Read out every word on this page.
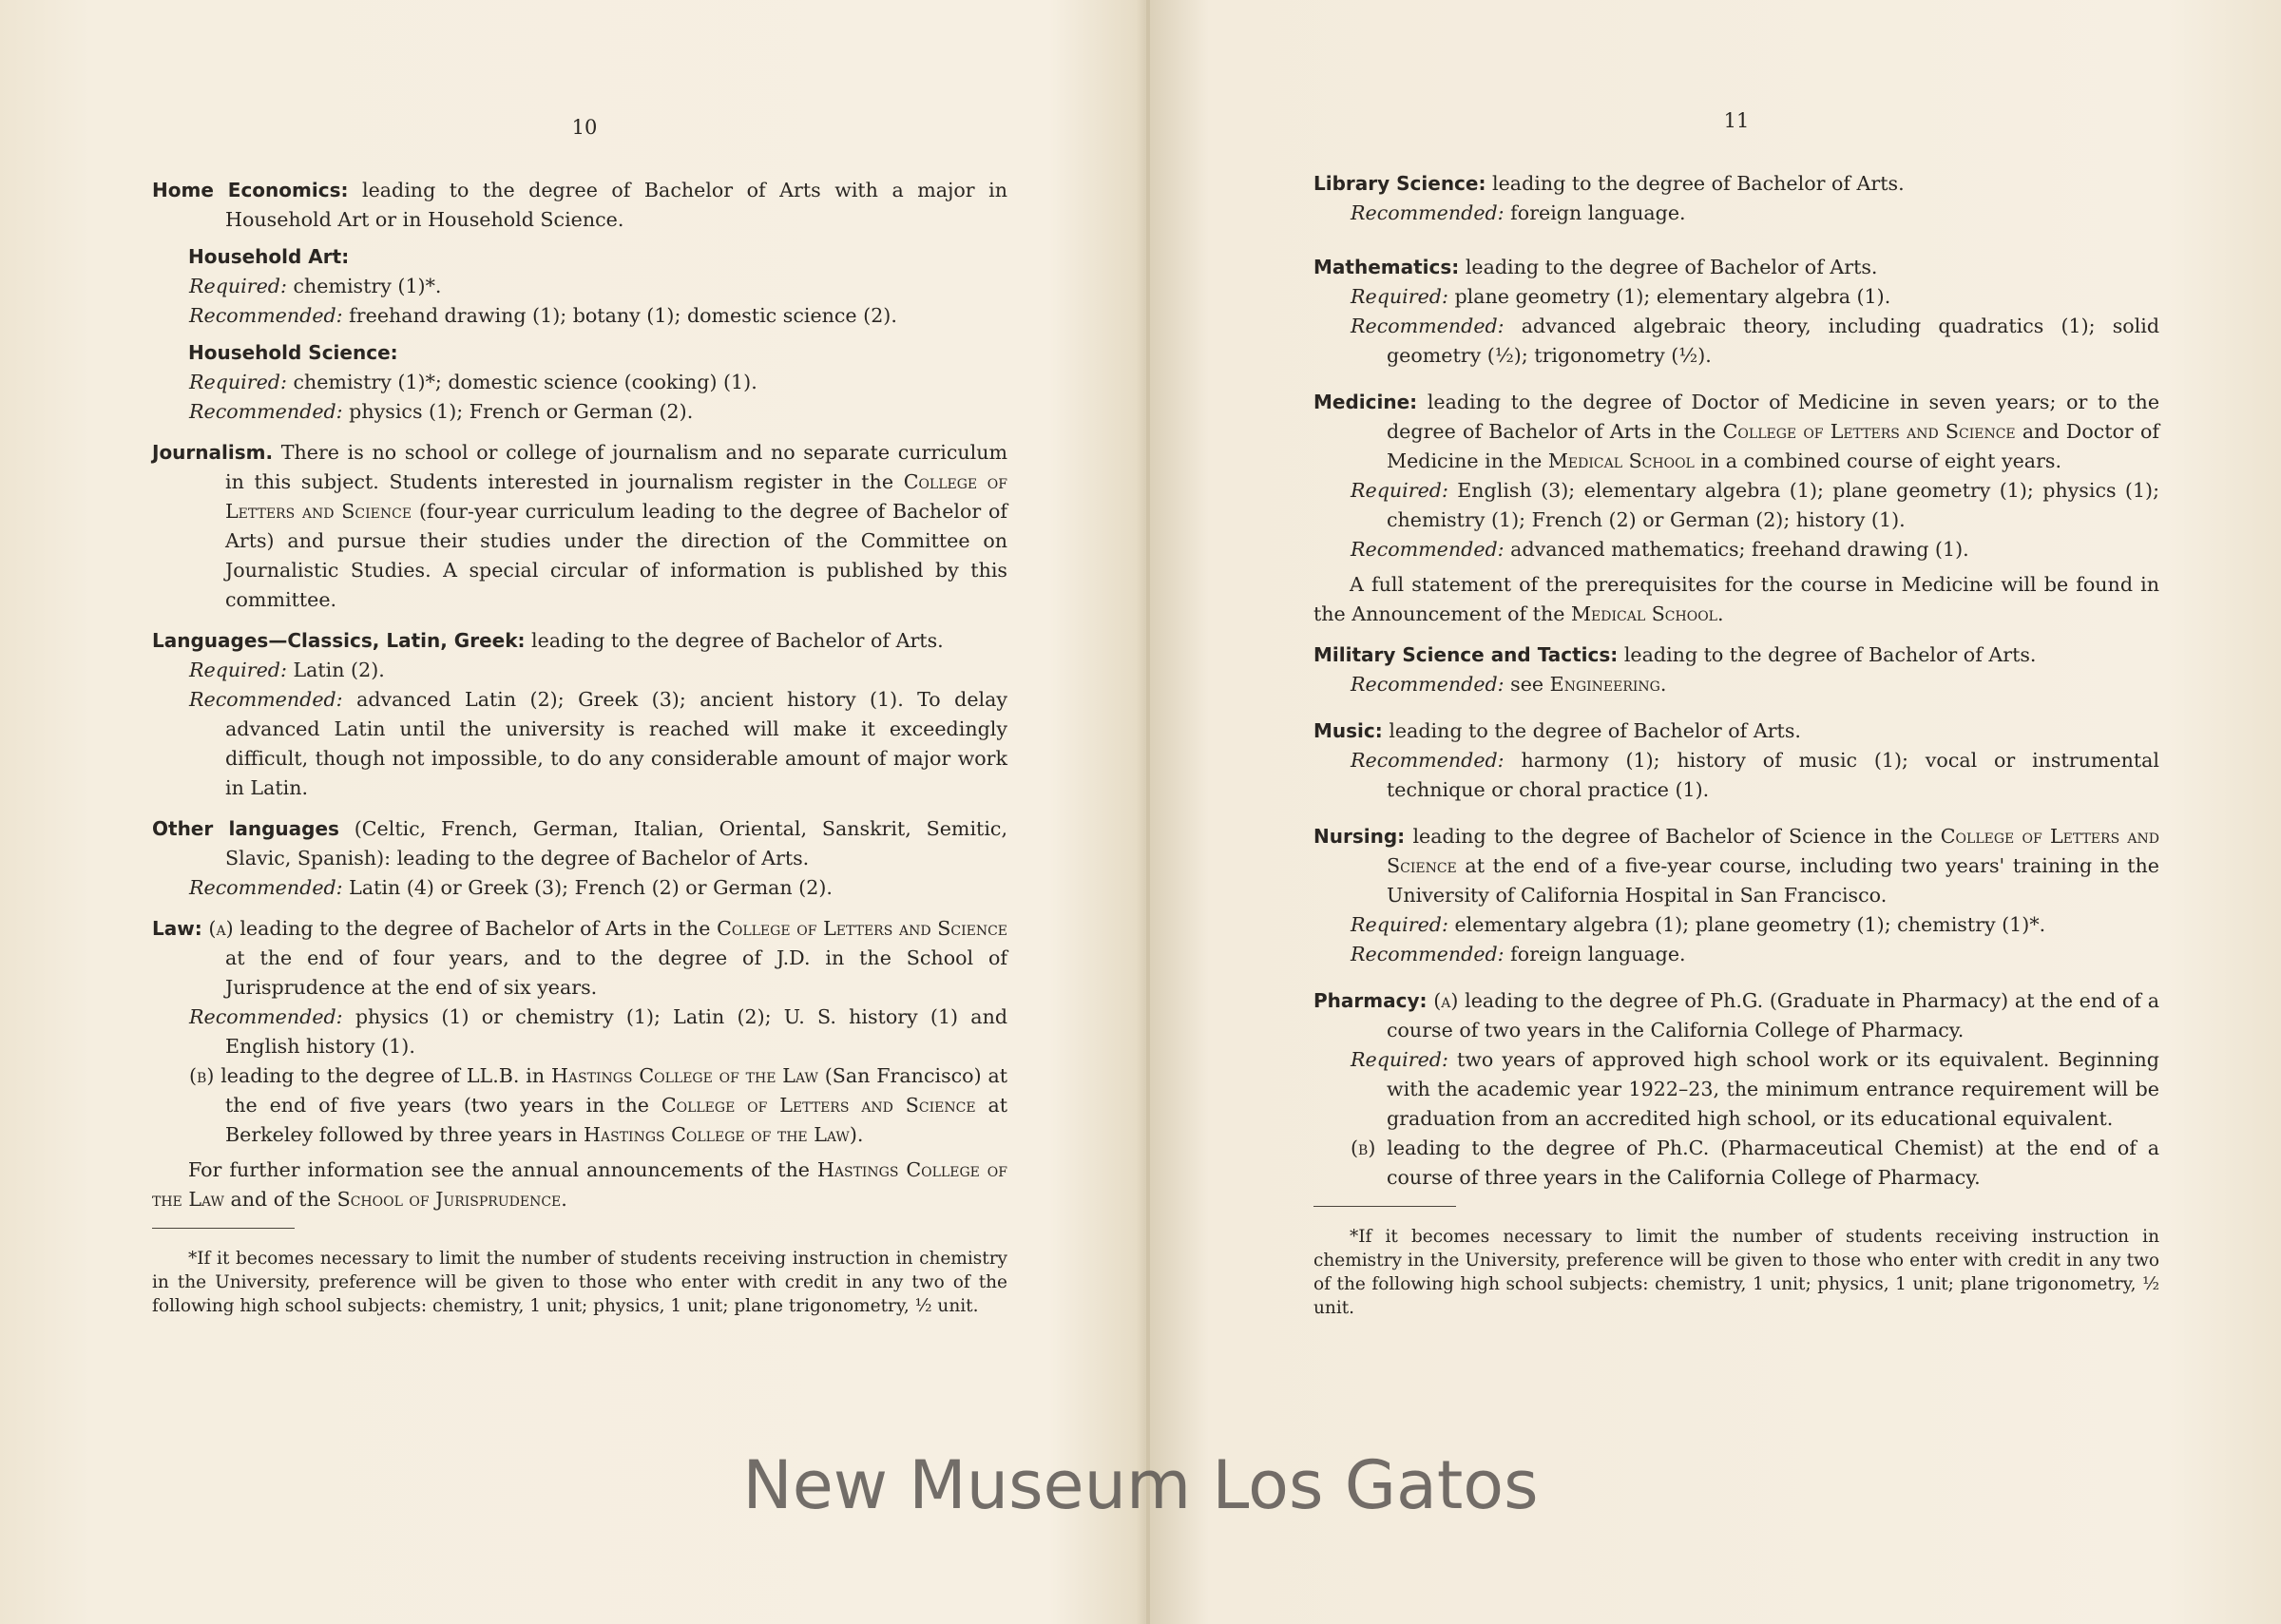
10

Home Economics: leading to the degree of Bachelor of Arts with a major in Household Art or in Household Science.

Household Art:

Required: chemistry (1)*.

Recommended: freehand drawing (1); botany (1); domestic science (2).

Household Science:

Required: chemistry (1)*; domestic science (cooking) (1).

Recommended: physics (1); French or German (2).

Journalism. There is no school or college of journalism and no separate curriculum in this subject. Students interested in journalism register in the College of Letters and Science (four-year curriculum leading to the degree of Bachelor of Arts) and pursue their studies under the direction of the Committee on Journalistic Studies. A special circular of information is published by this committee.

Languages—Classics, Latin, Greek: leading to the degree of Bachelor of Arts.

Required: Latin (2).

Recommended: advanced Latin (2); Greek (3); ancient history (1). To delay advanced Latin until the university is reached will make it exceedingly difficult, though not impossible, to do any considerable amount of major work in Latin.

Other languages (Celtic, French, German, Italian, Oriental, Sanskrit, Semitic, Slavic, Spanish): leading to the degree of Bachelor of Arts.

Recommended: Latin (4) or Greek (3); French (2) or German (2).

Law: (a) leading to the degree of Bachelor of Arts in the College of Letters and Science at the end of four years, and to the degree of J.D. in the School of Jurisprudence at the end of six years.

Recommended: physics (1) or chemistry (1); Latin (2); U. S. history (1) and English history (1).

(b) leading to the degree of LL.B. in Hastings College of the Law (San Francisco) at the end of five years (two years in the College of Letters and Science at Berkeley followed by three years in Hastings College of the Law).

For further information see the annual announcements of the Hastings College of the Law and of the School of Jurisprudence.

*If it becomes necessary to limit the number of students receiving instruction in chemistry in the University, preference will be given to those who enter with credit in any two of the following high school subjects: chemistry, 1 unit; physics, 1 unit; plane trigonometry, ½ unit.

11

Library Science: leading to the degree of Bachelor of Arts.

Recommended: foreign language.

Mathematics: leading to the degree of Bachelor of Arts.

Required: plane geometry (1); elementary algebra (1).

Recommended: advanced algebraic theory, including quadratics (1); solid geometry (½); trigonometry (½).

Medicine: leading to the degree of Doctor of Medicine in seven years; or to the degree of Bachelor of Arts in the College of Letters and Science and Doctor of Medicine in the Medical School in a combined course of eight years.

Required: English (3); elementary algebra (1); plane geometry (1); physics (1); chemistry (1); French (2) or German (2); history (1).

Recommended: advanced mathematics; freehand drawing (1).

A full statement of the prerequisites for the course in Medicine will be found in the Announcement of the Medical School.

Military Science and Tactics: leading to the degree of Bachelor of Arts.

Recommended: see Engineering.

Music: leading to the degree of Bachelor of Arts.

Recommended: harmony (1); history of music (1); vocal or instrumental technique or choral practice (1).

Nursing: leading to the degree of Bachelor of Science in the College of Letters and Science at the end of a five-year course, including two years' training in the University of California Hospital in San Francisco.

Required: elementary algebra (1); plane geometry (1); chemistry (1)*.

Recommended: foreign language.

Pharmacy: (a) leading to the degree of Ph.G. (Graduate in Pharmacy) at the end of a course of two years in the California College of Pharmacy.

Required: two years of approved high school work or its equivalent. Beginning with the academic year 1922–23, the minimum entrance requirement will be graduation from an accredited high school, or its educational equivalent.

(b) leading to the degree of Ph.C. (Pharmaceutical Chemist) at the end of a course of three years in the California College of Pharmacy.

*If it becomes necessary to limit the number of students receiving instruction in chemistry in the University, preference will be given to those who enter with credit in any two of the following high school subjects: chemistry, 1 unit; physics, 1 unit; plane trigonometry, ½ unit.

New Museum Los Gatos
